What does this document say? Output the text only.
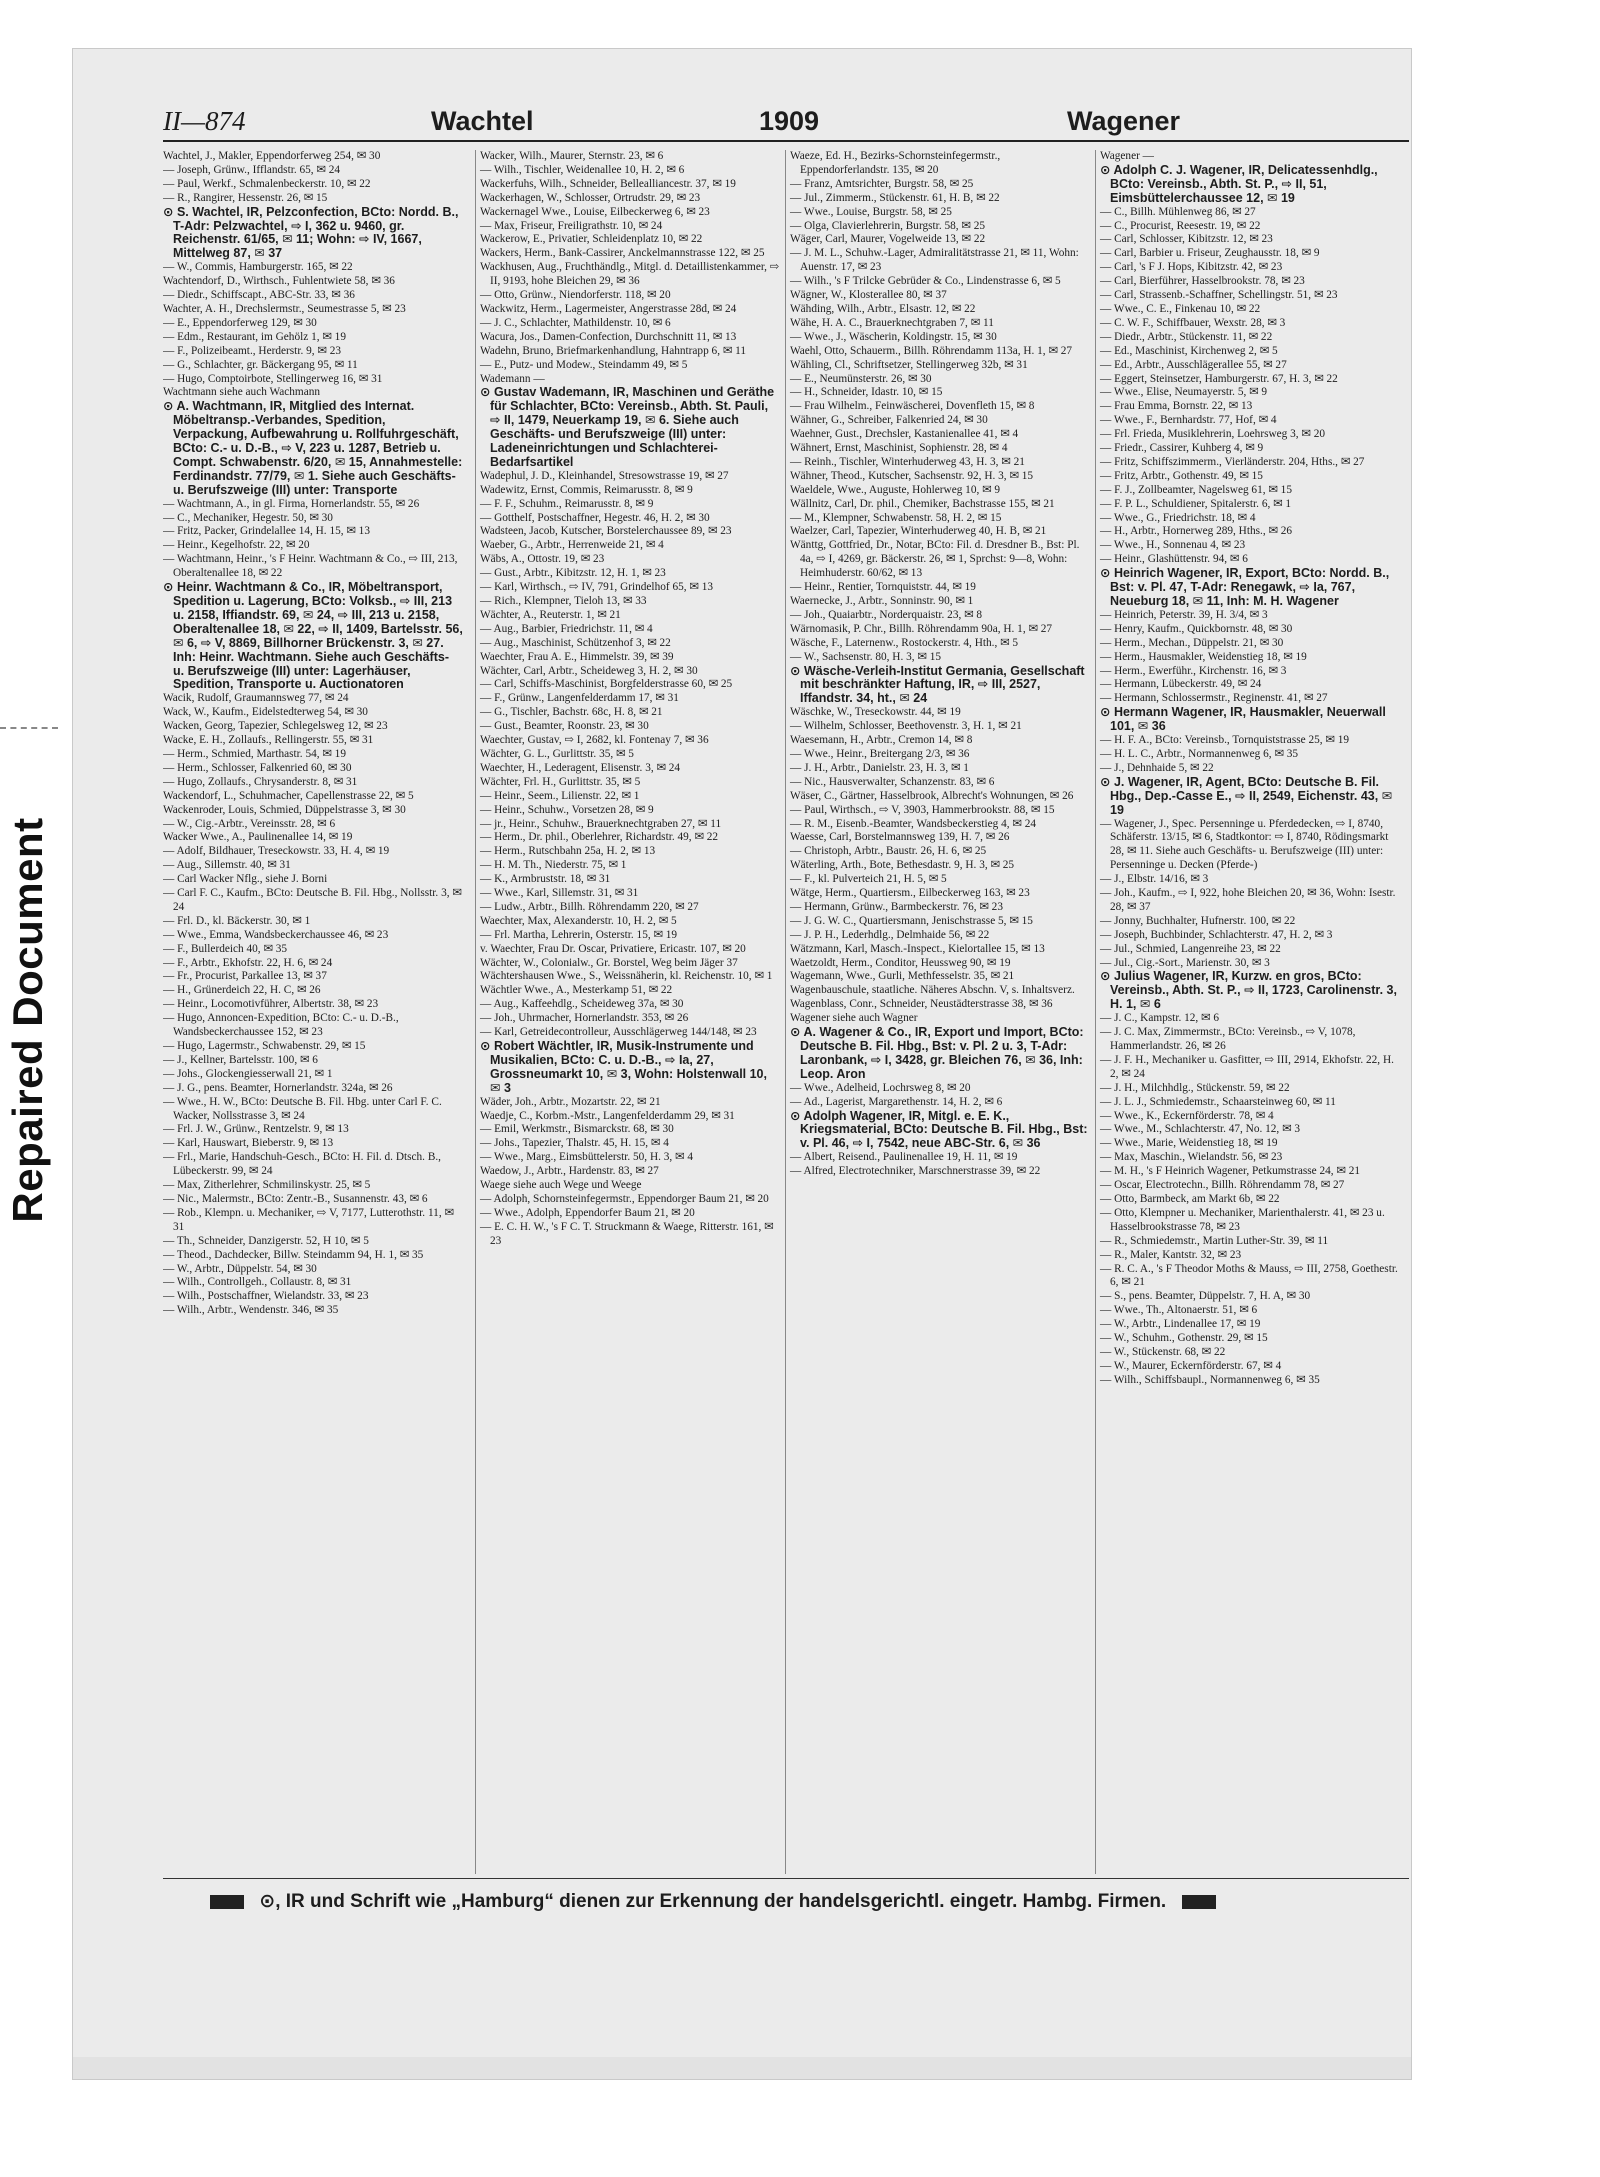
Repaired Document
II—874	Wachtel	1909	Wagener

Wachtel, J., Makler, Eppendorferweg 254, ✉ 30

— Joseph, Grünw., Ifflandstr. 65, ✉ 24

— Paul, Werkf., Schmalenbeckerstr. 10, ✉ 22

— R., Rangirer, Hessenstr. 26, ✉ 15

⊙ S. Wachtel, IR, Pelzconfection, BCto: Nordd. B., T-Adr: Pelzwachtel, ⇨ I, 362 u. 9460, gr. Reichenstr. 61/65, ✉ 11; Wohn: ⇨ IV, 1667, Mittelweg 87, ✉ 37

— W., Commis, Hamburgerstr. 165, ✉ 22

Wachtendorf, D., Wirthsch., Fuhlentwiete 58, ✉ 36

— Diedr., Schiffscapt., ABC-Str. 33, ✉ 36

Wachter, A. H., Drechslermstr., Seumestrasse 5, ✉ 23

— E., Eppendorferweg 129, ✉ 30

— Edm., Restaurant, im Gehölz 1, ✉ 19

— F., Polizeibeamt., Herderstr. 9, ✉ 23

— G., Schlachter, gr. Bäckergang 95, ✉ 11

— Hugo, Comptoirbote, Stellingerweg 16, ✉ 31

Wachtmann siehe auch Wachmann

⊙ A. Wachtmann, IR, Mitglied des Internat. Möbeltransp.-Verbandes, Spedition, Verpackung, Aufbewahrung u. Rollfuhrgeschäft, BCto: C.- u. D.-B., ⇨ V, 223 u. 1287, Betrieb u. Compt. Schwabenstr. 6/20, ✉ 15, Annahmestelle: Ferdinandstr. 77/79, ✉ 1. Siehe auch Geschäfts- u. Berufszweige (III) unter: Transporte

— Wachtmann, A., in gl. Firma, Hornerlandstr. 55, ✉ 26

— C., Mechaniker, Hegestr. 50, ✉ 30

— Fritz, Packer, Grindelallee 14, H. 15, ✉ 13

— Heinr., Kegelhofstr. 22, ✉ 20

— Wachtmann, Heinr., 's F Heinr. Wachtmann & Co., ⇨ III, 213, Oberaltenallee 18, ✉ 22

⊙ Heinr. Wachtmann & Co., IR, Möbeltransport, Spedition u. Lagerung, BCto: Volksb., ⇨ III, 213 u. 2158, Iffiandstr. 69, ✉ 24, ⇨ III, 213 u. 2158, Oberaltenallee 18, ✉ 22, ⇨ II, 1409, Bartelsstr. 56, ✉ 6, ⇨ V, 8869, Billhorner Brückenstr. 3, ✉ 27. Inh: Heinr. Wachtmann. Siehe auch Geschäfts- u. Berufszweige (III) unter: Lagerhäuser, Spedition, Transporte u. Auctionatoren

Wacik, Rudolf, Graumannsweg 77, ✉ 24

Wack, W., Kaufm., Eidelstedterweg 54, ✉ 30

Wacken, Georg, Tapezier, Schlegelsweg 12, ✉ 23

Wacke, E. H., Zollaufs., Rellingerstr. 55, ✉ 31

— Herm., Schmied, Marthastr. 54, ✉ 19

— Herm., Schlosser, Falkenried 60, ✉ 30

— Hugo, Zollaufs., Chrysanderstr. 8, ✉ 31

Wackendorf, L., Schuhmacher, Capellenstrasse 22, ✉ 5

Wackenroder, Louis, Schmied, Düppelstrasse 3, ✉ 30

— W., Cig.-Arbtr., Vereinsstr. 28, ✉ 6

Wacker Wwe., A., Paulinenallee 14, ✉ 19

— Adolf, Bildhauer, Treseckowstr. 33, H. 4, ✉ 19

— Aug., Sillemstr. 40, ✉ 31

— Carl Wacker Nflg., siehe J. Borni

— Carl F. C., Kaufm., BCto: Deutsche B. Fil. Hbg., Nollsstr. 3, ✉ 24

— Frl. D., kl. Bäckerstr. 30, ✉ 1

— Wwe., Emma, Wandsbeckerchaussee 46, ✉ 23

— F., Bullerdeich 40, ✉ 35

— F., Arbtr., Ekhofstr. 22, H. 6, ✉ 24

— Fr., Procurist, Parkallee 13, ✉ 37

— H., Grünerdeich 22, H. C, ✉ 26

— Heinr., Locomotivführer, Albertstr. 38, ✉ 23

— Hugo, Annoncen-Expedition, BCto: C.- u. D.-B., Wandsbeckerchaussee 152, ✉ 23

— Hugo, Lagermstr., Schwabenstr. 29, ✉ 15

— J., Kellner, Bartelsstr. 100, ✉ 6

— Johs., Glockengiesserwall 21, ✉ 1

— J. G., pens. Beamter, Hornerlandstr. 324a, ✉ 26

— Wwe., H. W., BCto: Deutsche B. Fil. Hbg. unter Carl F. C. Wacker, Nollsstrasse 3, ✉ 24

— Frl. J. W., Grünw., Rentzelstr. 9, ✉ 13

— Karl, Hauswart, Bieberstr. 9, ✉ 13

— Frl., Marie, Handschuh-Gesch., BCto: H. Fil. d. Dtsch. B., Lübeckerstr. 99, ✉ 24

— Max, Zitherlehrer, Schmilinskystr. 25, ✉ 5

— Nic., Malermstr., BCto: Zentr.-B., Susannenstr. 43, ✉ 6

— Rob., Klempn. u. Mechaniker, ⇨ V, 7177, Lutterothstr. 11, ✉ 31

— Th., Schneider, Danzigerstr. 52, H 10, ✉ 5

— Theod., Dachdecker, Billw. Steindamm 94, H. 1, ✉ 35

— W., Arbtr., Düppelstr. 54, ✉ 30

— Wilh., Controllgeh., Collaustr. 8, ✉ 31

— Wilh., Postschaffner, Wielandstr. 33, ✉ 23

— Wilh., Arbtr., Wendenstr. 346, ✉ 35

Wacker, Wilh., Maurer, Sternstr. 23, ✉ 6

— Wilh., Tischler, Weidenallee 10, H. 2, ✉ 6

Wackerfuhs, Wilh., Schneider, Bellealliancestr. 37, ✉ 19

Wackerhagen, W., Schlosser, Ortrudstr. 29, ✉ 23

Wackernagel Wwe., Louise, Eilbeckerweg 6, ✉ 23

— Max, Friseur, Freiligrathstr. 10, ✉ 24

Wackerow, E., Privatier, Schleidenplatz 10, ✉ 22

Wackers, Herm., Bank-Cassirer, Anckelmannstrasse 122, ✉ 25

Wackhusen, Aug., Fruchthändlg., Mitgl. d. Detaillistenkammer, ⇨ II, 9193, hohe Bleichen 29, ✉ 36

— Otto, Grünw., Niendorferstr. 118, ✉ 20

Wackwitz, Herm., Lagermeister, Angerstrasse 28d, ✉ 24

— J. C., Schlachter, Mathildenstr. 10, ✉ 6

Wacura, Jos., Damen-Confection, Durchschnitt 11, ✉ 13

Wadehn, Bruno, Briefmarkenhandlung, Hahntrapp 6, ✉ 11

— E., Putz- und Modew., Steindamm 49, ✉ 5

Wademann —

⊙ Gustav Wademann, IR, Maschinen und Geräthe für Schlachter, BCto: Vereinsb., Abth. St. Pauli, ⇨ II, 1479, Neuerkamp 19, ✉ 6. Siehe auch Geschäfts- und Berufszweige (III) unter: Ladeneinrichtungen und Schlachterei-Bedarfsartikel

Wadephul, J. D., Kleinhandel, Stresowstrasse 19, ✉ 27

Wadewitz, Ernst, Commis, Reimarusstr. 8, ✉ 9

— F. F., Schuhm., Reimarusstr. 8, ✉ 9

— Gotthelf, Postschaffner, Hegestr. 46, H. 2, ✉ 30

Wadsteen, Jacob, Kutscher, Borstelerchaussee 89, ✉ 23

Waeber, G., Arbtr., Herrenweide 21, ✉ 4

Wäbs, A., Ottostr. 19, ✉ 23

— Gust., Arbtr., Kibitzstr. 12, H. 1, ✉ 23

— Karl, Wirthsch., ⇨ IV, 791, Grindelhof 65, ✉ 13

— Rich., Klempner, Tieloh 13, ✉ 33

Wächter, A., Reuterstr. 1, ✉ 21

— Aug., Barbier, Friedrichstr. 11, ✉ 4

— Aug., Maschinist, Schützenhof 3, ✉ 22

Waechter, Frau A. E., Himmelstr. 39, ✉ 39

Wächter, Carl, Arbtr., Scheideweg 3, H. 2, ✉ 30

— Carl, Schiffs-Maschinist, Borgfelderstrasse 60, ✉ 25

— F., Grünw., Langenfelderdamm 17, ✉ 31

— G., Tischler, Bachstr. 68c, H. 8, ✉ 21

— Gust., Beamter, Roonstr. 23, ✉ 30

Waechter, Gustav, ⇨ I, 2682, kl. Fontenay 7, ✉ 36

Wächter, G. L., Gurlittstr. 35, ✉ 5

Waechter, H., Lederagent, Elisenstr. 3, ✉ 24

Wächter, Frl. H., Gurlittstr. 35, ✉ 5

— Heinr., Seem., Lilienstr. 22, ✉ 1

— Heinr., Schuhw., Vorsetzen 28, ✉ 9

— jr., Heinr., Schuhw., Brauerknechtgraben 27, ✉ 11

— Herm., Dr. phil., Oberlehrer, Richardstr. 49, ✉ 22

— Herm., Rutschbahn 25a, H. 2, ✉ 13

— H. M. Th., Niederstr. 75, ✉ 1

— K., Armbruststr. 18, ✉ 31

— Wwe., Karl, Sillemstr. 31, ✉ 31

— Ludw., Arbtr., Billh. Röhrendamm 220, ✉ 27

Waechter, Max, Alexanderstr. 10, H. 2, ✉ 5

— Frl. Martha, Lehrerin, Osterstr. 15, ✉ 19

v. Waechter, Frau Dr. Oscar, Privatiere, Ericastr. 107, ✉ 20

Wächter, W., Colonialw., Gr. Borstel, Weg beim Jäger 37

Wächtershausen Wwe., S., Weissnäherin, kl. Reichenstr. 10, ✉ 1

Wächtler Wwe., A., Mesterkamp 51, ✉ 22

— Aug., Kaffeehdlg., Scheideweg 37a, ✉ 30

— Joh., Uhrmacher, Hornerlandstr. 353, ✉ 26

— Karl, Getreidecontrolleur, Ausschlägerweg 144/148, ✉ 23

⊙ Robert Wächtler, IR, Musik-Instrumente und Musikalien, BCto: C. u. D.-B., ⇨ Ia, 27, Grossneumarkt 10, ✉ 3, Wohn: Holstenwall 10, ✉ 3

Wäder, Joh., Arbtr., Mozartstr. 22, ✉ 21

Waedje, C., Korbm.-Mstr., Langenfelderdamm 29, ✉ 31

— Emil, Werkmstr., Bismarckstr. 68, ✉ 30

— Johs., Tapezier, Thalstr. 45, H. 15, ✉ 4

— Wwe., Marg., Eimsbüttelerstr. 50, H. 3, ✉ 4

Waedow, J., Arbtr., Hardenstr. 83, ✉ 27

Waege siehe auch Wege und Weege

— Adolph, Schornsteinfegermstr., Eppendorger Baum 21, ✉ 20

— Wwe., Adolph, Eppendorfer Baum 21, ✉ 20

— E. C. H. W., 's F C. T. Struckmann & Waege, Ritterstr. 161, ✉ 23

Waeze, Ed. H., Bezirks-Schornsteinfegermstr., Eppendorferlandstr. 135, ✉ 20

— Franz, Amtsrichter, Burgstr. 58, ✉ 25

— Jul., Zimmerm., Stückenstr. 61, H. B, ✉ 22

— Wwe., Louise, Burgstr. 58, ✉ 25

— Olga, Clavierlehrerin, Burgstr. 58, ✉ 25

Wäger, Carl, Maurer, Vogelweide 13, ✉ 22

— J. M. L., Schuhw.-Lager, Admiralitätstrasse 21, ✉ 11, Wohn: Auenstr. 17, ✉ 23

— Wilh., 's F Trilcke Gebrüder & Co., Lindenstrasse 6, ✉ 5

Wägner, W., Klosterallee 80, ✉ 37

Wähding, Wilh., Arbtr., Elsastr. 12, ✉ 22

Wähe, H. A. C., Brauerknechtgraben 7, ✉ 11

— Wwe., J., Wäscherin, Koldingstr. 15, ✉ 30

Waehl, Otto, Schauerm., Billh. Röhrendamm 113a, H. 1, ✉ 27

Wähling, Cl., Schriftsetzer, Stellingerweg 32b, ✉ 31

— E., Neumünsterstr. 26, ✉ 30

— H., Schneider, Idastr. 10, ✉ 15

— Frau Wilhelm., Feinwäscherei, Dovenfleth 15, ✉ 8

Wähner, G., Schreiber, Falkenried 24, ✉ 30

Waehner, Gust., Drechsler, Kastanienallee 41, ✉ 4

Wähnert, Ernst, Maschinist, Sophienstr. 28, ✉ 4

— Reinh., Tischler, Winterhuderweg 43, H. 3, ✉ 21

Wähner, Theod., Kutscher, Sachsenstr. 92, H. 3, ✉ 15

Waeldele, Wwe., Auguste, Hohlerweg 10, ✉ 9

Wällnitz, Carl, Dr. phil., Chemiker, Bachstrasse 155, ✉ 21

— M., Klempner, Schwabenstr. 58, H. 2, ✉ 15

Waelzer, Carl, Tapezier, Winterhuderweg 40, H. B, ✉ 21

Wänttg, Gottfried, Dr., Notar, BCto: Fil. d. Dresdner B., Bst: Pl. 4a, ⇨ I, 4269, gr. Bäckerstr. 26, ✉ 1, Sprchst: 9—8, Wohn: Heimhuderstr. 60/62, ✉ 13

— Heinr., Rentier, Tornquiststr. 44, ✉ 19

Waernecke, J., Arbtr., Sonninstr. 90, ✉ 1

— Joh., Quaiarbtr., Norderquaistr. 23, ✉ 8

Wärnomasik, P. Chr., Billh. Röhrendamm 90a, H. 1, ✉ 27

Wäsche, F., Laternenw., Rostockerstr. 4, Hth., ✉ 5

— W., Sachsenstr. 80, H. 3, ✉ 15

⊙ Wäsche-Verleih-Institut Germania, Gesellschaft mit beschränkter Haftung, IR, ⇨ III, 2527, Iffandstr. 34, ht., ✉ 24

Wäschke, W., Treseckowstr. 44, ✉ 19

— Wilhelm, Schlosser, Beethovenstr. 3, H. 1, ✉ 21

Waesemann, H., Arbtr., Cremon 14, ✉ 8

— Wwe., Heinr., Breitergang 2/3, ✉ 36

— J. H., Arbtr., Danielstr. 23, H. 3, ✉ 1

— Nic., Hausverwalter, Schanzenstr. 83, ✉ 6

Wäser, C., Gärtner, Hasselbrook, Albrecht's Wohnungen, ✉ 26

— Paul, Wirthsch., ⇨ V, 3903, Hammerbrookstr. 88, ✉ 15

— R. M., Eisenb.-Beamter, Wandsbeckerstieg 4, ✉ 24

Waesse, Carl, Borstelmannsweg 139, H. 7, ✉ 26

— Christoph, Arbtr., Baustr. 26, H. 6, ✉ 25

Wäterling, Arth., Bote, Bethesdastr. 9, H. 3, ✉ 25

— F., kl. Pulverteich 21, H. 5, ✉ 5

Wätge, Herm., Quartiersm., Eilbeckerweg 163, ✉ 23

— Hermann, Grünw., Barmbeckerstr. 76, ✉ 23

— J. G. W. C., Quartiersmann, Jenischstrasse 5, ✉ 15

— J. P. H., Lederhdlg., Delmhaide 56, ✉ 22

Wätzmann, Karl, Masch.-Inspect., Kielortallee 15, ✉ 13

Waetzoldt, Herm., Conditor, Heussweg 90, ✉ 19

Wagemann, Wwe., Gurli, Methfesselstr. 35, ✉ 21

Wagenbauschule, staatliche. Näheres Abschn. V, s. Inhaltsverz.

Wagenblass, Conr., Schneider, Neustädterstrasse 38, ✉ 36

Wagener siehe auch Wagner

⊙ A. Wagener & Co., IR, Export und Import, BCto: Deutsche B. Fil. Hbg., Bst: v. Pl. 2 u. 3, T-Adr: Laronbank, ⇨ I, 3428, gr. Bleichen 76, ✉ 36, Inh: Leop. Aron

— Wwe., Adelheid, Lochrsweg 8, ✉ 20

— Ad., Lagerist, Margarethenstr. 14, H. 2, ✉ 6

⊙ Adolph Wagener, IR, Mitgl. e. E. K., Kriegsmaterial, BCto: Deutsche B. Fil. Hbg., Bst: v. Pl. 46, ⇨ I, 7542, neue ABC-Str. 6, ✉ 36

— Albert, Reisend., Paulinenallee 19, H. 11, ✉ 19

— Alfred, Electrotechniker, Marschnerstrasse 39, ✉ 22

Wagener —

⊙ Adolph C. J. Wagener, IR, Delicatessenhdlg., BCto: Vereinsb., Abth. St. P., ⇨ II, 51, Eimsbüttelerchaussee 12, ✉ 19

— C., Billh. Mühlenweg 86, ✉ 27

— C., Procurist, Reesestr. 19, ✉ 22

— Carl, Schlosser, Kibitzstr. 12, ✉ 23

— Carl, Barbier u. Friseur, Zeughausstr. 18, ✉ 9

— Carl, 's F J. Hops, Kibitzstr. 42, ✉ 23

— Carl, Bierführer, Hasselbrookstr. 78, ✉ 23

— Carl, Strassenb.-Schaffner, Schellingstr. 51, ✉ 23

— Wwe., C. E., Finkenau 10, ✉ 22

— C. W. F., Schiffbauer, Wexstr. 28, ✉ 3

— Diedr., Arbtr., Stückenstr. 11, ✉ 22

— Ed., Maschinist, Kirchenweg 2, ✉ 5

— Ed., Arbtr., Ausschlägerallee 55, ✉ 27

— Eggert, Steinsetzer, Hamburgerstr. 67, H. 3, ✉ 22

— Wwe., Elise, Neumayerstr. 5, ✉ 9

— Frau Emma, Bornstr. 22, ✉ 13

— Wwe., F., Bernhardstr. 77, Hof, ✉ 4

— Frl. Frieda, Musiklehrerin, Loehrsweg 3, ✉ 20

— Friedr., Cassirer, Kuhberg 4, ✉ 9

— Fritz, Schiffszimmerm., Vierländerstr. 204, Hths., ✉ 27

— Fritz, Arbtr., Gothenstr. 49, ✉ 15

— F. J., Zollbeamter, Nagelsweg 61, ✉ 15

— F. P. L., Schuldiener, Spitalerstr. 6, ✉ 1

— Wwe., G., Friedrichstr. 18, ✉ 4

— H., Arbtr., Hornerweg 289, Hths., ✉ 26

— Wwe., H., Sonnenau 4, ✉ 23

— Heinr., Glashüttenstr. 94, ✉ 6

⊙ Heinrich Wagener, IR, Export, BCto: Nordd. B., Bst: v. Pl. 47, T-Adr: Renegawk, ⇨ Ia, 767, Neueburg 18, ✉ 11, Inh: M. H. Wagener

— Heinrich, Peterstr. 39, H. 3/4, ✉ 3

— Henry, Kaufm., Quickbornstr. 48, ✉ 30

— Herm., Mechan., Düppelstr. 21, ✉ 30

— Herm., Hausmakler, Weidenstieg 18, ✉ 19

— Herm., Ewerführ., Kirchenstr. 16, ✉ 3

— Hermann, Lübeckerstr. 49, ✉ 24

— Hermann, Schlossermstr., Reginenstr. 41, ✉ 27

⊙ Hermann Wagener, IR, Hausmakler, Neuerwall 101, ✉ 36

— H. F. A., BCto: Vereinsb., Tornquiststrasse 25, ✉ 19

— H. L. C., Arbtr., Normannenweg 6, ✉ 35

— J., Dehnhaide 5, ✉ 22

⊙ J. Wagener, IR, Agent, BCto: Deutsche B. Fil. Hbg., Dep.-Casse E., ⇨ II, 2549, Eichenstr. 43, ✉ 19

— Wagener, J., Spec. Persenninge u. Pferdedecken, ⇨ I, 8740, Schäferstr. 13/15, ✉ 6, Stadtkontor: ⇨ I, 8740, Rödingsmarkt 28, ✉ 11. Siehe auch Geschäfts- u. Berufszweige (III) unter: Persenninge u. Decken (Pferde-)

— J., Elbstr. 14/16, ✉ 3

— Joh., Kaufm., ⇨ I, 922, hohe Bleichen 20, ✉ 36, Wohn: Isestr. 28, ✉ 37

— Jonny, Buchhalter, Hufnerstr. 100, ✉ 22

— Joseph, Buchbinder, Schlachterstr. 47, H. 2, ✉ 3

— Jul., Schmied, Langenreihe 23, ✉ 22

— Jul., Cig.-Sort., Marienstr. 30, ✉ 3

⊙ Julius Wagener, IR, Kurzw. en gros, BCto: Vereinsb., Abth. St. P., ⇨ II, 1723, Carolinenstr. 3, H. 1, ✉ 6

— J. C., Kampstr. 12, ✉ 6

— J. C. Max, Zimmermstr., BCto: Vereinsb., ⇨ V, 1078, Hammerlandstr. 26, ✉ 26

— J. F. H., Mechaniker u. Gasfitter, ⇨ III, 2914, Ekhofstr. 22, H. 2, ✉ 24

— J. H., Milchhdlg., Stückenstr. 59, ✉ 22

— J. L. J., Schmiedemstr., Schaarsteinweg 60, ✉ 11

— Wwe., K., Eckernförderstr. 78, ✉ 4

— Wwe., M., Schlachterstr. 47, No. 12, ✉ 3

— Wwe., Marie, Weidenstieg 18, ✉ 19

— Max, Maschin., Wielandstr. 56, ✉ 23

— M. H., 's F Heinrich Wagener, Petkumstrasse 24, ✉ 21

— Oscar, Electrotechn., Billh. Röhrendamm 78, ✉ 27

— Otto, Barmbeck, am Markt 6b, ✉ 22

— Otto, Klempner u. Mechaniker, Marienthalerstr. 41, ✉ 23 u. Hasselbrookstrasse 78, ✉ 23

— R., Schmiedemstr., Martin Luther-Str. 39, ✉ 11

— R., Maler, Kantstr. 32, ✉ 23

— R. C. A., 's F Theodor Moths & Mauss, ⇨ III, 2758, Goethestr. 6, ✉ 21

— S., pens. Beamter, Düppelstr. 7, H. A, ✉ 30

— Wwe., Th., Altonaerstr. 51, ✉ 6

— W., Arbtr., Lindenallee 17, ✉ 19

— W., Schuhm., Gothenstr. 29, ✉ 15

— W., Stückenstr. 68, ✉ 22

— W., Maurer, Eckernförderstr. 67, ✉ 4

— Wilh., Schiffsbaupl., Normannenweg 6, ✉ 35

⊙, IR und Schrift wie „Hamburg“ dienen zur Erkennung der handelsgerichtl. eingetr. Hambg. Firmen.
